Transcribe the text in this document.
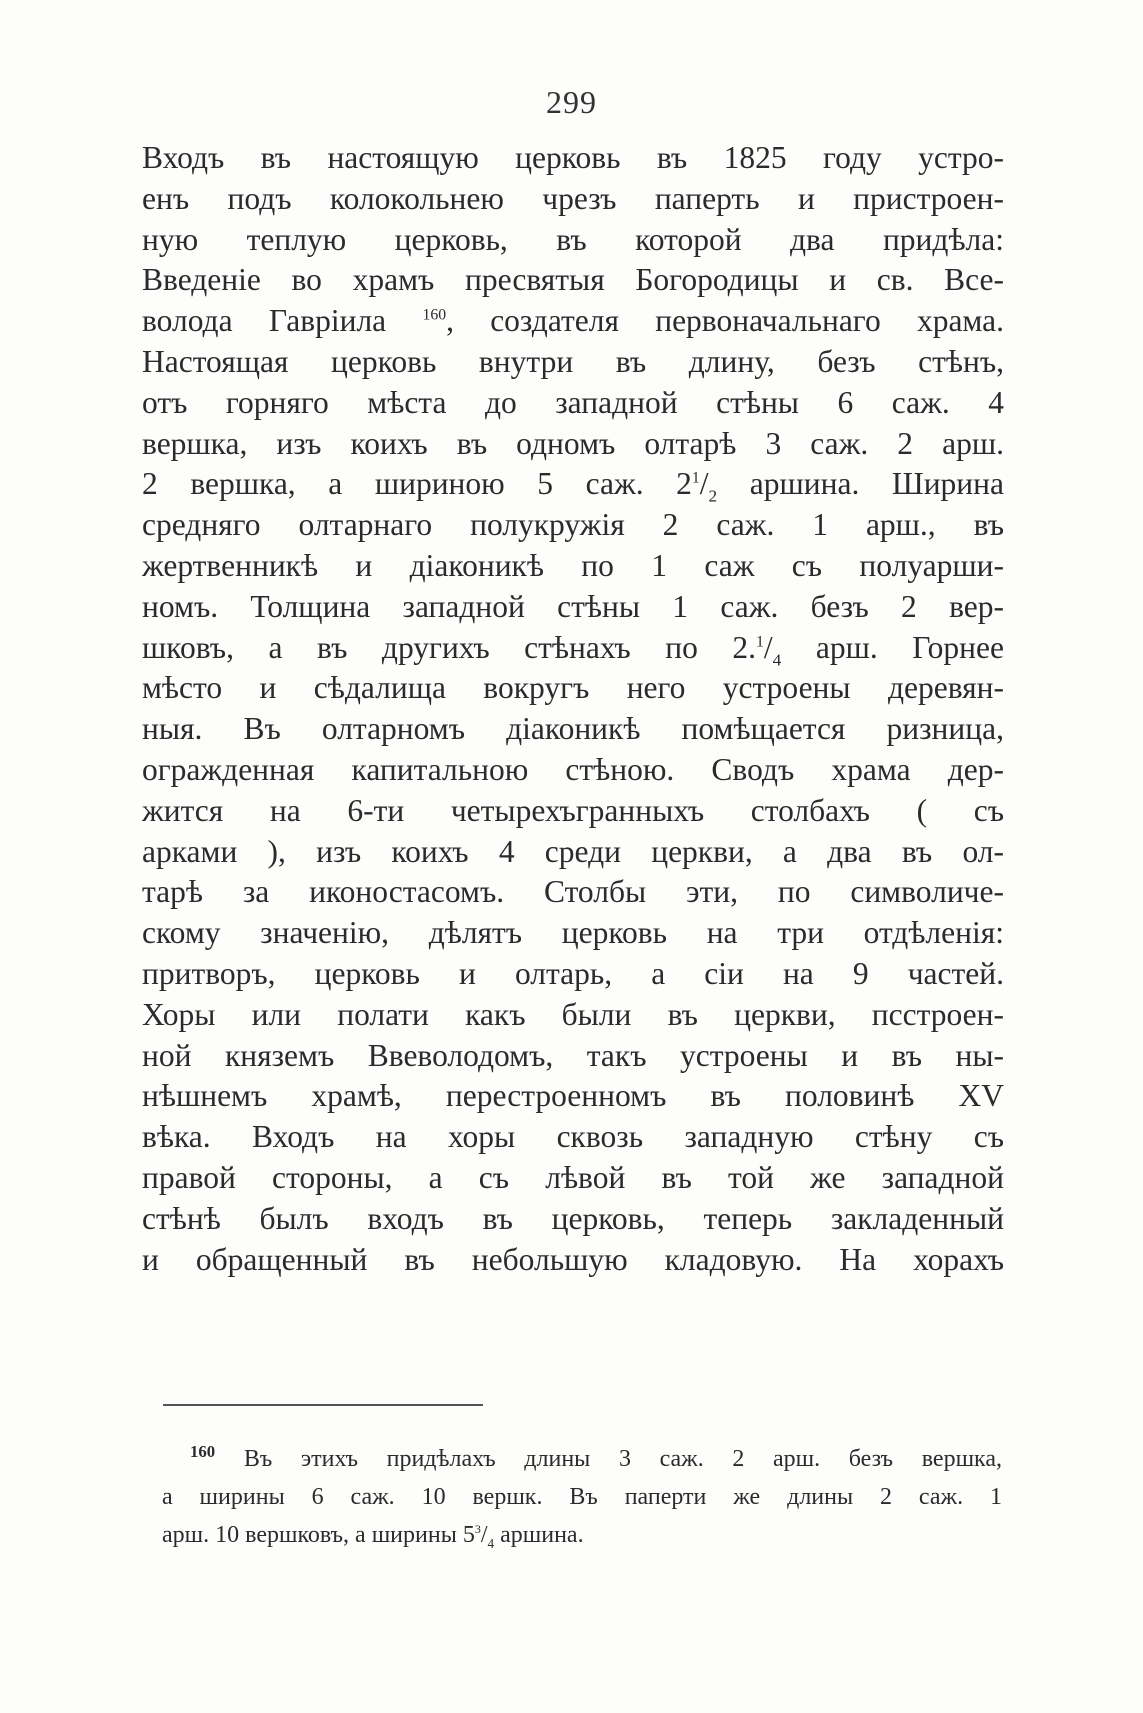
299
Входъ въ настоящую церковь въ 1825 году устро-
енъ подъ колокольнею чрезъ паперть и пристроен-
ную теплую церковь, въ которой два придѣла:
Введеніе во храмъ пресвятыя Богородицы и св. Все-
волода Гавріила $^{160}$, создателя первоначальнаго храма.
Настоящая церковь внутри въ длину, безъ стѣнъ,
отъ горняго мѣста до западной стѣны 6 саж. 4
вершка, изъ коихъ въ одномъ олтарѣ 3 саж. 2 арш.
2 вершка, а шириною 5 саж. $2^1/_2$ аршина. Ширина
средняго олтарнаго полукружія 2 саж. 1 арш., въ
жертвенникѣ и діаконикѣ по 1 саж съ полуарши-
номъ. Толщина западной стѣны 1 саж. безъ 2 вер-
шковъ, а въ другихъ стѣнахъ по $2.^1/_4$ арш. Горнее
мѣсто и сѣдалища вокругъ него устроены деревян-
ныя. Въ олтарномъ діаконикѣ помѣщается ризница,
огражденная капитальною стѣною. Сводъ храма дер-
жится на 6-ти четырехъгранныхъ столбахъ ( съ
арками ), изъ коихъ 4 среди церкви, а два въ ол-
тарѣ за иконостасомъ. Столбы эти, по символиче-
скому значенію, дѣлятъ церковь на три отдѣленія:
притворъ, церковь и олтарь, а сіи на 9 частей.
Хоры или полати какъ были въ церкви, псстроен-
ной княземъ Ввеволодомъ, такъ устроены и въ ны-
нѣшнемъ храмѣ, перестроенномъ въ половинѣ XV
вѣка. Входъ на хоры сквозь западную стѣну съ
правой стороны, а съ лѣвой въ той же западной
стѣнѣ былъ входъ въ церковь, теперь закладенный
и обращенный въ небольшую кладовую. На хорахъ
$^{160}$ Въ этихъ придѣлахъ длины 3 саж. 2 арш. безъ вершка,
а ширины 6 саж. 10 вершк. Въ паперти же длины 2 саж. 1
арш. 10 вершковъ, а ширины $5^3/_4$ аршина.
